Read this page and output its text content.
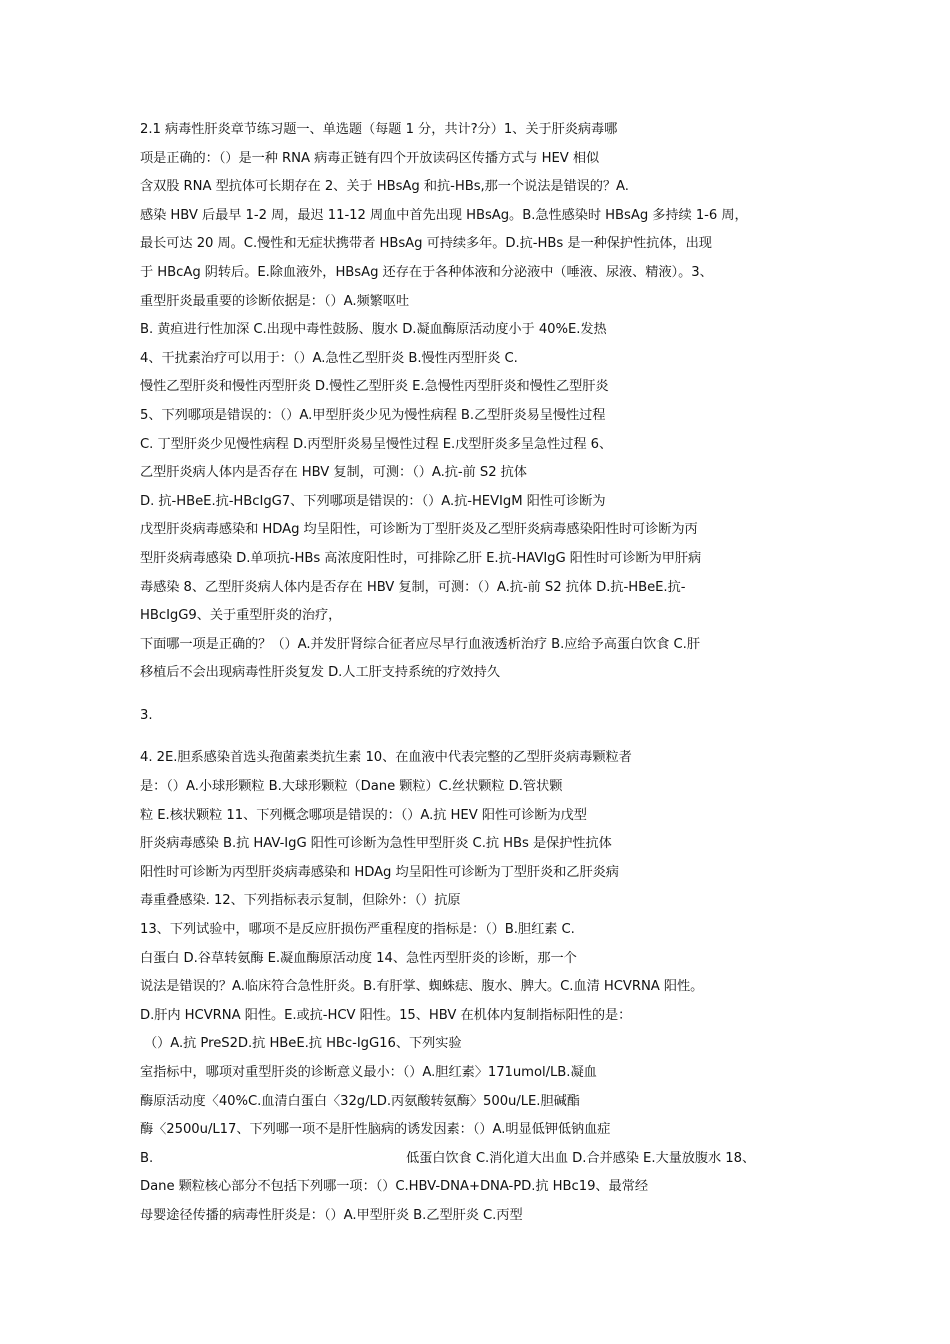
2.1 病毒性肝炎章节练习题一、单选题（每题 1 分，共计?分）1、关于肝炎病毒哪
项是正确的：（）是一种 RNA 病毒正链有四个开放读码区传播方式与 HEV 相似
含双股 RNA 型抗体可长期存在 2、关于 HBsAg 和抗-HBs,那一个说法是错误的？A.
感染 HBV 后最早 1-2 周，最迟 11-12 周血中首先出现 HBsAg。B.急性感染时 HBsAg 多持续 1-6 周，
最长可达 20 周。C.慢性和无症状携带者 HBsAg 可持续多年。D.抗-HBs 是一种保护性抗体，出现
于 HBcAg 阴转后。E.除血液外，HBsAg 还存在于各种体液和分泌液中（唾液、尿液、精液）。3、
重型肝炎最重要的诊断依据是：（）A.频繁呕吐
B. 黄疸进行性加深 C.出现中毒性鼓肠、腹水 D.凝血酶原活动度小于 40%E.发热
4、干扰素治疗可以用于：（）A.急性乙型肝炎 B.慢性丙型肝炎 C.
慢性乙型肝炎和慢性丙型肝炎 D.慢性乙型肝炎 E.急慢性丙型肝炎和慢性乙型肝炎
5、下列哪项是错误的：（）A.甲型肝炎少见为慢性病程 B.乙型肝炎易呈慢性过程
C. 丁型肝炎少见慢性病程 D.丙型肝炎易呈慢性过程 E.戊型肝炎多呈急性过程 6、
乙型肝炎病人体内是否存在 HBV 复制，可测：（）A.抗-前 S2 抗体
D. 抗-HBeE.抗-HBcIgG7、下列哪项是错误的：（）A.抗-HEVIgM 阳性可诊断为
戊型肝炎病毒感染和 HDAg 均呈阳性，可诊断为丁型肝炎及乙型肝炎病毒感染阳性时可诊断为丙
型肝炎病毒感染 D.单项抗-HBs 高浓度阳性时，可排除乙肝 E.抗-HAVIgG 阳性时可诊断为甲肝病
毒感染 8、乙型肝炎病人体内是否存在 HBV 复制，可测：（）A.抗-前 S2 抗体 D.抗-HBeE.抗-
HBcIgG9、关于重型肝炎的治疗，
下面哪一项是正确的？（）A.并发肝肾综合征者应尽早行血液透析治疗 B.应给予高蛋白饮食 C.肝
移植后不会出现病毒性肝炎复发 D.人工肝支持系统的疗效持久
3.
4. 2E.胆系感染首选头孢菌素类抗生素 10、在血液中代表完整的乙型肝炎病毒颗粒者
是：（）A.小球形颗粒 B.大球形颗粒（Dane 颗粒）C.丝状颗粒 D.管状颗
粒 E.核状颗粒 11、下列概念哪项是错误的：（）A.抗 HEV 阳性可诊断为戊型
肝炎病毒感染 B.抗 HAV-IgG 阳性可诊断为急性甲型肝炎 C.抗 HBs 是保护性抗体
阳性时可诊断为丙型肝炎病毒感染和 HDAg 均呈阳性可诊断为丁型肝炎和乙肝炎病
毒重叠感染. 12、下列指标表示复制，但除外：（）抗原
13、下列试验中，哪项不是反应肝损伤严重程度的指标是：（）B.胆红素 C.
白蛋白 D.谷草转氨酶 E.凝血酶原活动度 14、急性丙型肝炎的诊断，那一个
说法是错误的？A.临床符合急性肝炎。B.有肝掌、蜘蛛痣、腹水、脾大。C.血清 HCVRNA 阳性。
D.肝内 HCVRNA 阳性。E.或抗-HCV 阳性。15、HBV 在机体内复制指标阳性的是：
（）A.抗 PreS2D.抗 HBeE.抗 HBc-IgG16、下列实验
室指标中，哪项对重型肝炎的诊断意义最小：（）A.胆红素〉171umol/LB.凝血
酶原活动度〈40%C.血清白蛋白〈32g/LD.丙氨酸转氨酶〉500u/LE.胆碱酯
酶〈2500u/L17、下列哪一项不是肝性脑病的诱发因素：（）A.明显低钾低钠血症
B.	低蛋白饮食 C.消化道大出血 D.合并感染 E.大量放腹水 18、
Dane 颗粒核心部分不包括下列哪一项：（）C.HBV-DNA+DNA-PD.抗 HBc19、最常经
母婴途径传播的病毒性肝炎是：（）A.甲型肝炎 B.乙型肝炎 C.丙型
